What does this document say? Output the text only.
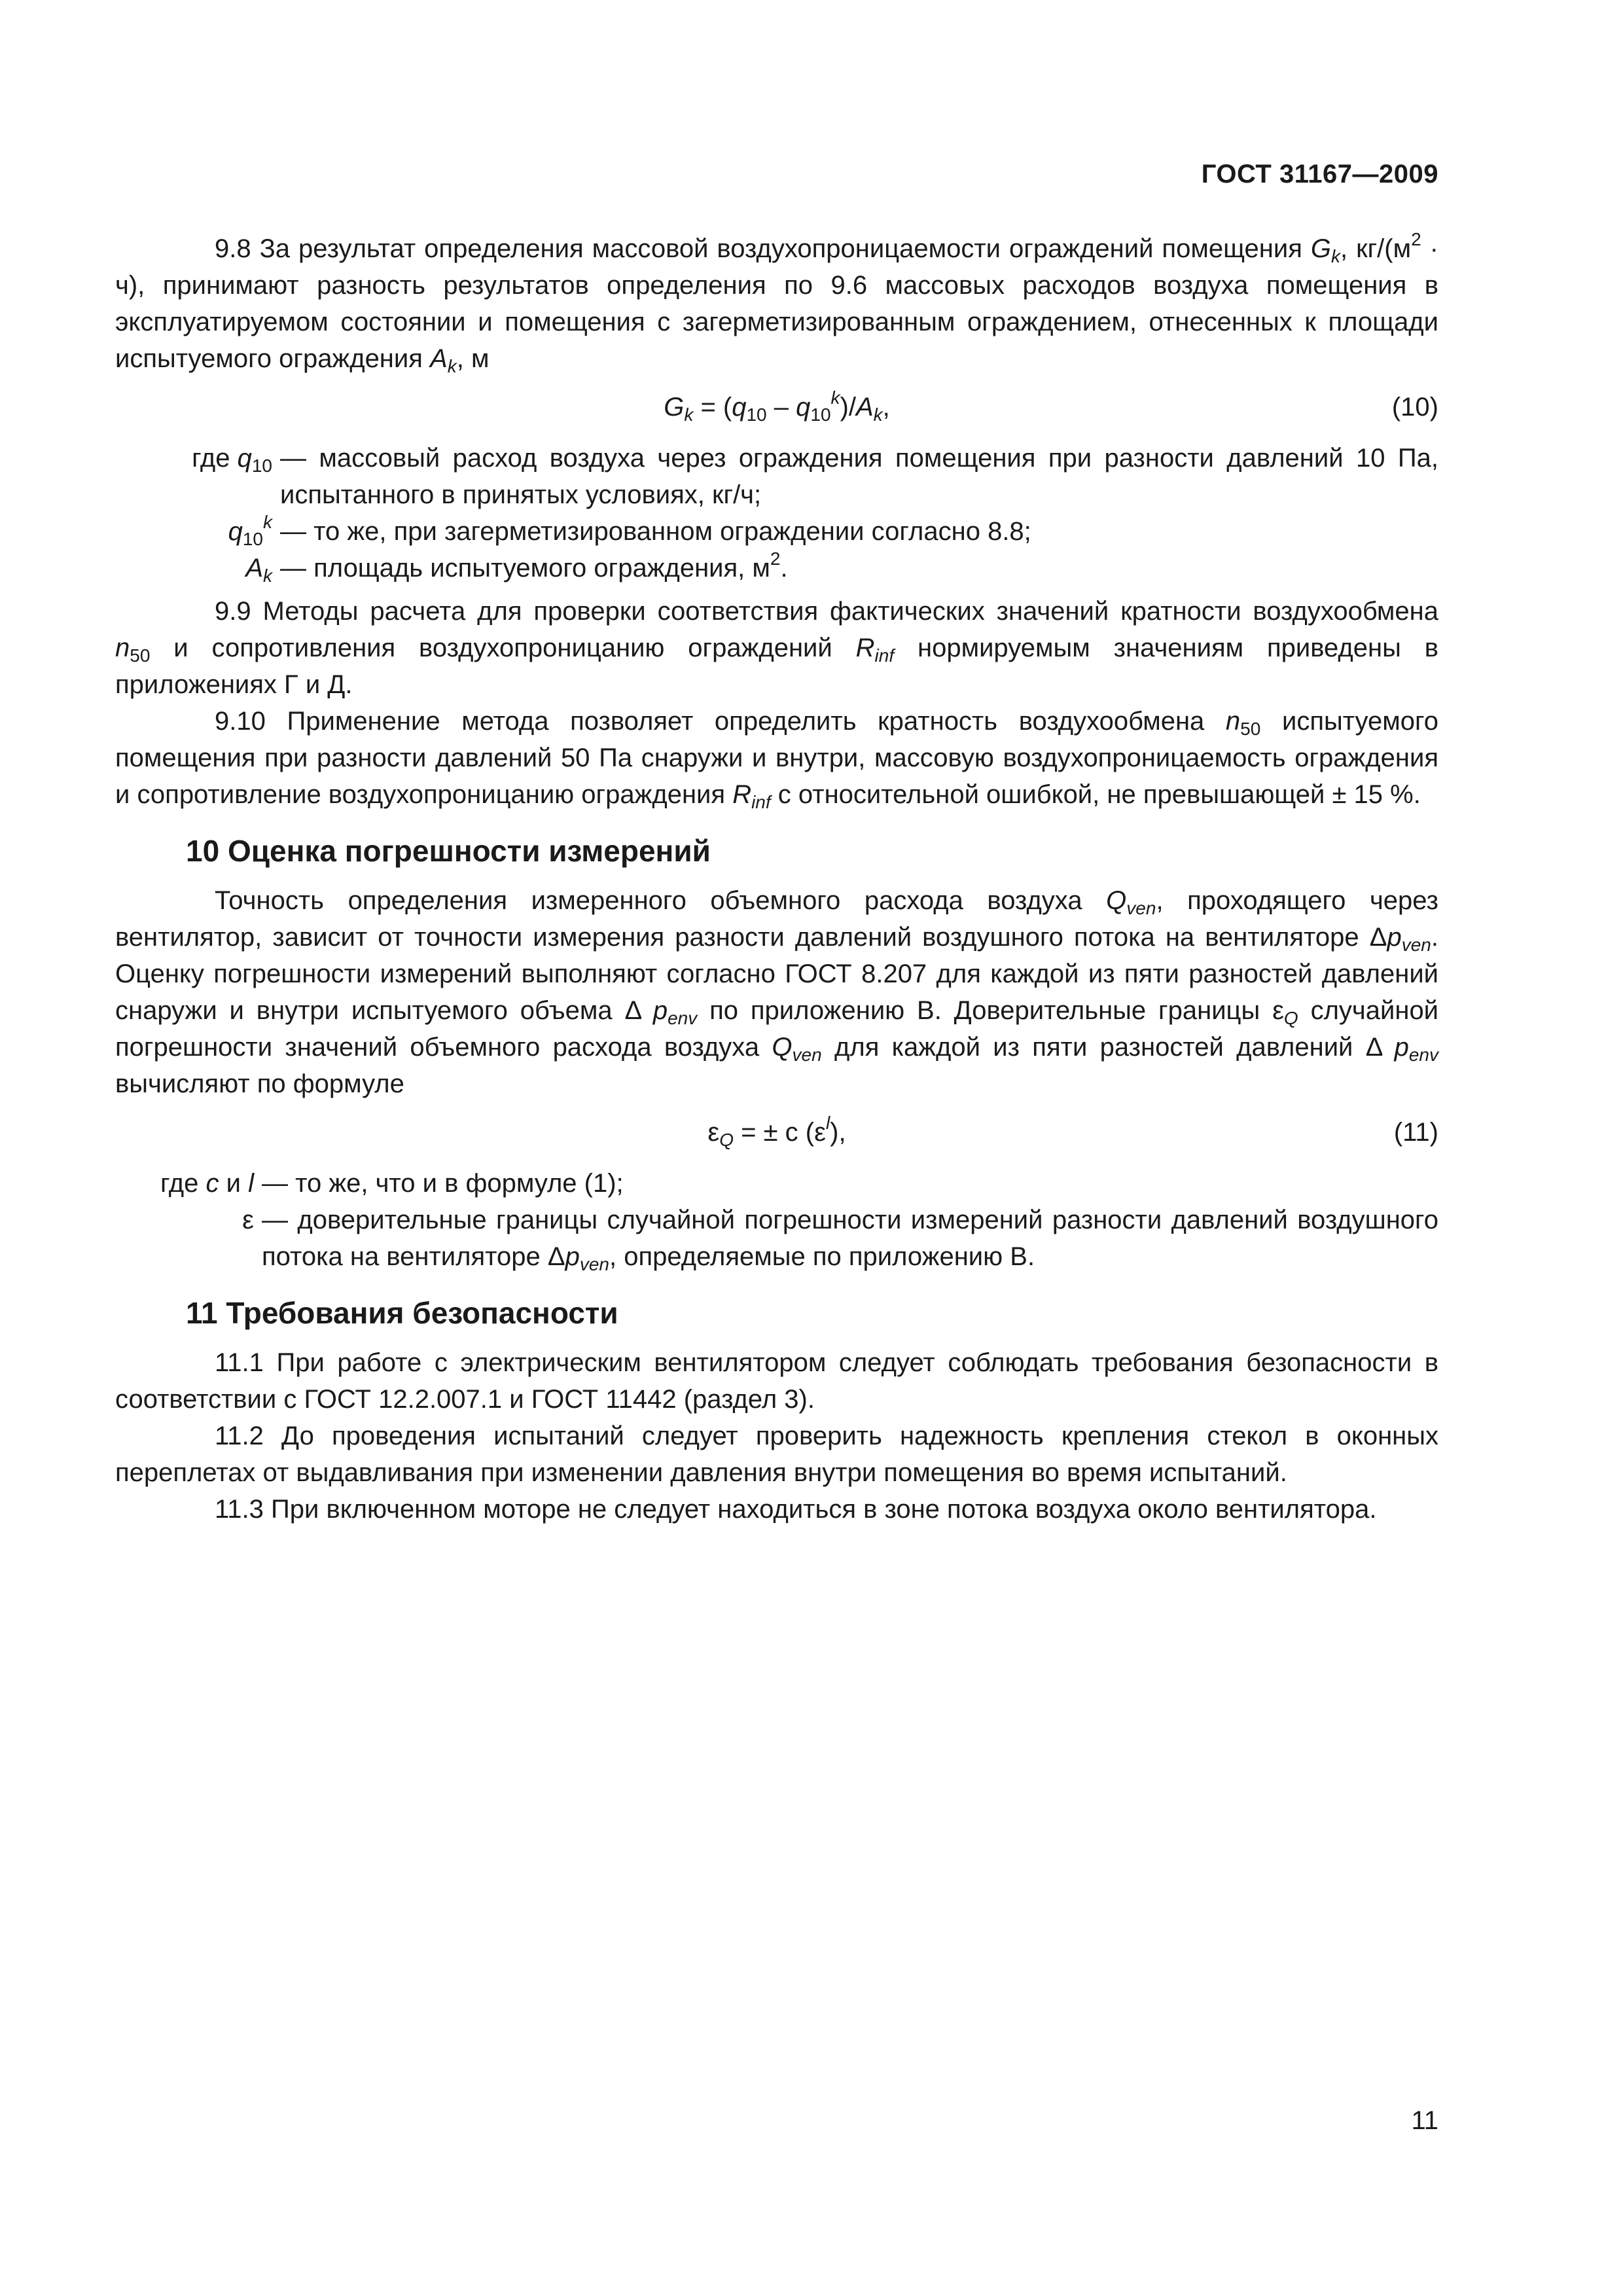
ГОСТ 31167—2009

9.8 За результат определения массовой воздухопроницаемости ограждений помещения $G_k$, $кг/(м^2 \cdot ч)$, принимают разность результатов определения по 9.6 массовых расходов воздуха помещения в эксплуатируемом состоянии и помещения с загерметизированным ограждением, отнесенных к площади испытуемого ограждения $A_k$, м

$G_k = (q_{10} - q_{10}^k)/A_k$,	(10)
где $q_{10}$ — массовый расход воздуха через ограждения помещения при разности давлений 10 Па, испытанного в принятых условиях, кг/ч;
$q_{10}^k$ — то же, при загерметизированном ограждении согласно 8.8;
$A_k$ — площадь испытуемого ограждения, $м^2$.

9.9 Методы расчета для проверки соответствия фактических значений кратности воздухообмена $n_{50}$ и сопротивления воздухопроницанию ограждений $R_{inf}$ нормируемым значениям приведены в приложениях Г и Д.

9.10 Применение метода позволяет определить кратность воздухообмена $n_{50}$ испытуемого помещения при разности давлений 50 Па снаружи и внутри, массовую воздухопроницаемость ограждения и сопротивление воздухопроницанию ограждения $R_{inf}$ с относительной ошибкой, не превышающей ± 15 %.

10 Оценка погрешности измерений

Точность определения измеренного объемного расхода воздуха $Q_{ven}$, проходящего через вентилятор, зависит от точности измерения разности давлений воздушного потока на вентиляторе $\Delta p_{ven}$. Оценку погрешности измерений выполняют согласно ГОСТ 8.207 для каждой из пяти разностей давлений снаружи и внутри испытуемого объема Δ $p_{env}$ по приложению В. Доверительные границы $\varepsilon_Q$ случайной погрешности значений объемного расхода воздуха $Q_{ven}$ для каждой из пяти разностей давлений Δ $p_{env}$ вычисляют по формуле

$\varepsilon_Q$ = ± c $(\varepsilon^l)$,	(11)
где c и l — то же, что и в формуле (1);
ε — доверительные границы случайной погрешности измерений разности давлений воздушного потока на вентиляторе $\Delta p_{ven}$, определяемые по приложению В.
11 Требования безопасности

11.1 При работе с электрическим вентилятором следует соблюдать требования безопасности в соответствии с ГОСТ 12.2.007.1 и ГОСТ 11442 (раздел 3).

11.2 До проведения испытаний следует проверить надежность крепления стекол в оконных переплетах от выдавливания при изменении давления внутри помещения во время испытаний.

11.3 При включенном моторе не следует находиться в зоне потока воздуха около вентилятора.

11
